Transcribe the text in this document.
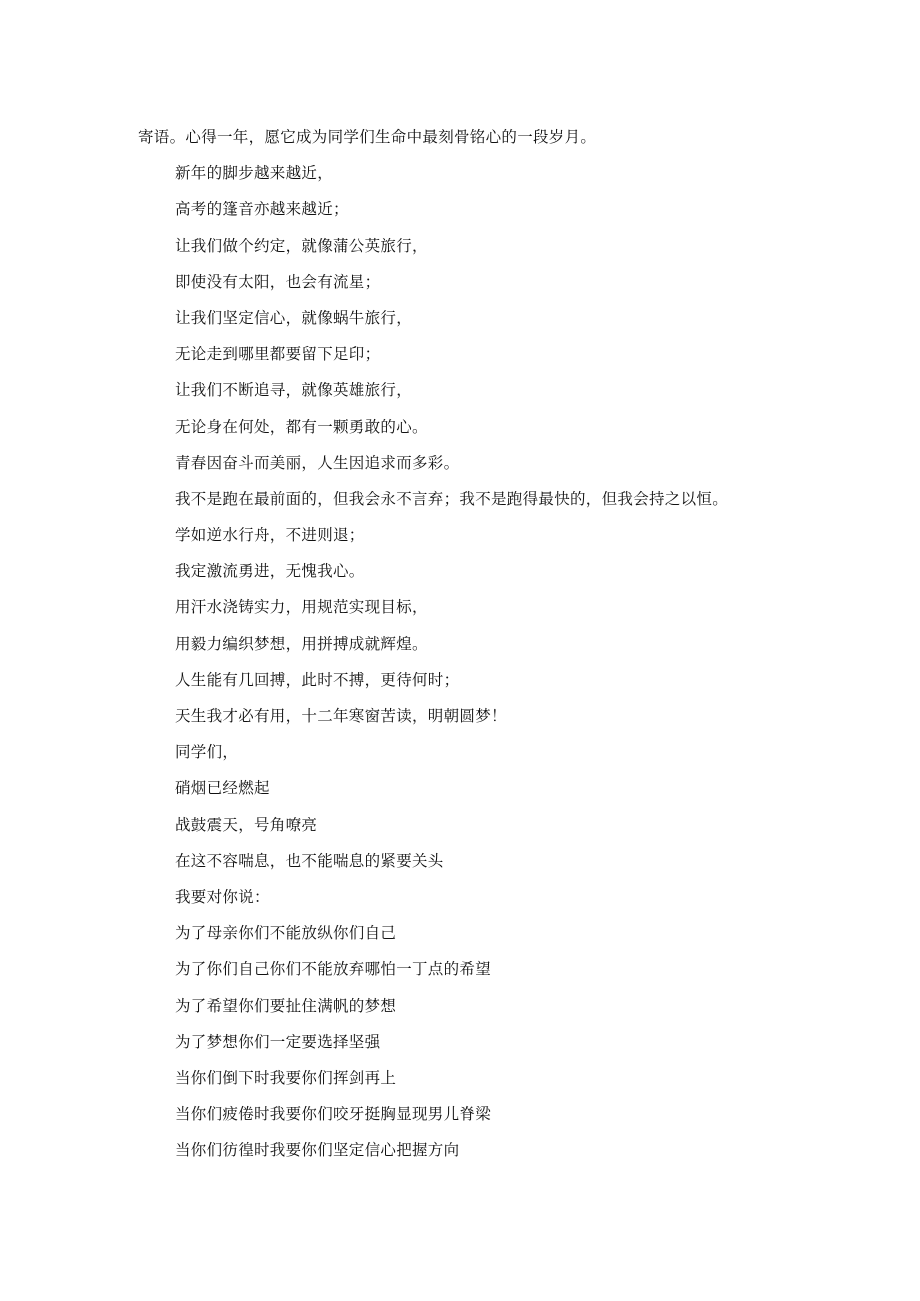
寄语。心得一年，愿它成为同学们生命中最刻骨铭心的一段岁月。
新年的脚步越来越近，
高考的篷音亦越来越近；
让我们做个约定，就像蒲公英旅行，
即使没有太阳，也会有流星；
让我们坚定信心，就像蜗牛旅行，
无论走到哪里都要留下足印；
让我们不断追寻，就像英雄旅行，
无论身在何处，都有一颗勇敢的心。
青春因奋斗而美丽，人生因追求而多彩。
我不是跑在最前面的，但我会永不言弃；我不是跑得最快的，但我会持之以恒。
学如逆水行舟，不进则退；
我定激流勇进，无愧我心。
用汗水浇铸实力，用规范实现目标，
用毅力编织梦想，用拼搏成就辉煌。
人生能有几回搏，此时不搏，更待何时；
天生我才必有用，十二年寒窗苦读，明朝圆梦！
同学们，
硝烟已经燃起
战鼓震天，号角嘹亮
在这不容喘息，也不能喘息的紧要关头
我要对你说：
为了母亲你们不能放纵你们自己
为了你们自己你们不能放弃哪怕一丁点的希望
为了希望你们要扯住满帆的梦想
为了梦想你们一定要选择坚强
当你们倒下时我要你们挥剑再上
当你们疲倦时我要你们咬牙挺胸显现男儿脊梁
当你们彷徨时我要你们坚定信心把握方向
